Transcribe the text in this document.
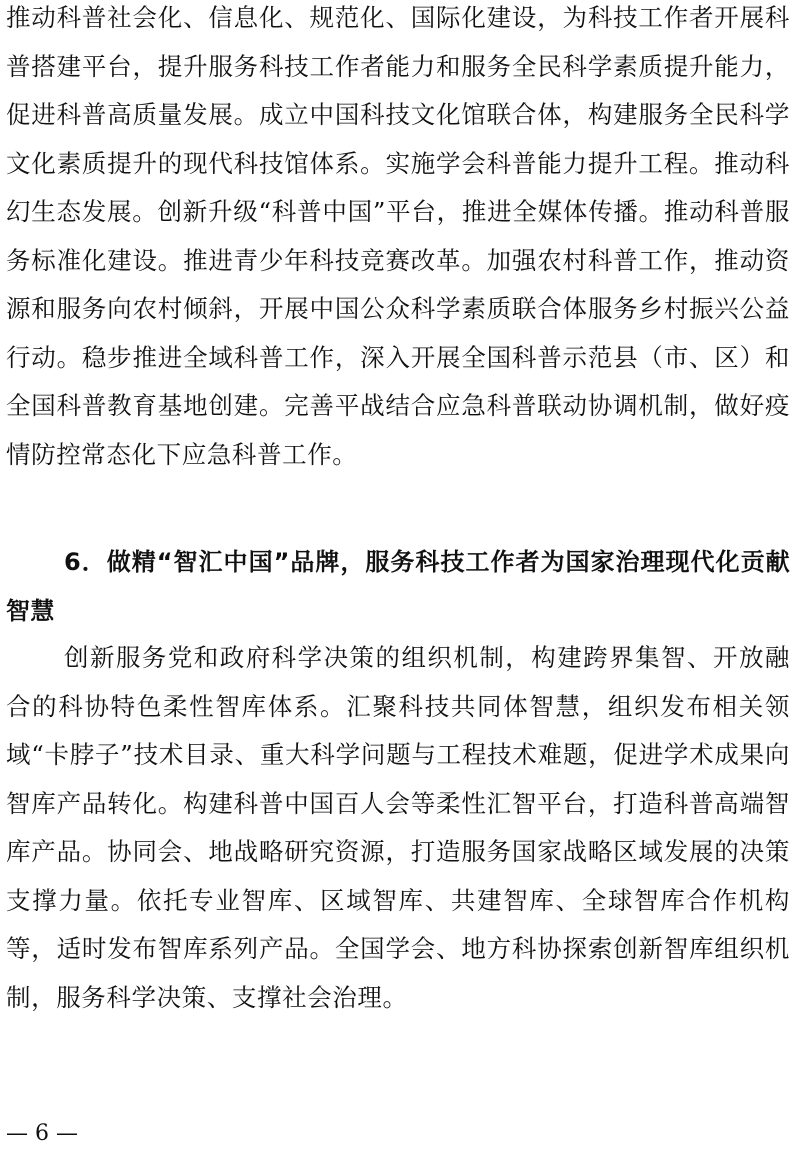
推动科普社会化、信息化、规范化、国际化建设，为科技工作者开展科普搭建平台，提升服务科技工作者能力和服务全民科学素质提升能力，促进科普高质量发展。成立中国科技文化馆联合体，构建服务全民科学文化素质提升的现代科技馆体系。实施学会科普能力提升工程。推动科幻生态发展。创新升级“科普中国”平台，推进全媒体传播。推动科普服务标准化建设。推进青少年科技竞赛改革。加强农村科普工作，推动资源和服务向农村倾斜，开展中国公众科学素质联合体服务乡村振兴公益行动。稳步推进全域科普工作，深入开展全国科普示范县（市、区）和全国科普教育基地创建。完善平战结合应急科普联动协调机制，做好疫情防控常态化下应急科普工作。

6．做精“智汇中国”品牌，服务科技工作者为国家治理现代化贡献智慧

创新服务党和政府科学决策的组织机制，构建跨界集智、开放融合的科协特色柔性智库体系。汇聚科技共同体智慧，组织发布相关领域“卡脖子”技术目录、重大科学问题与工程技术难题，促进学术成果向智库产品转化。构建科普中国百人会等柔性汇智平台，打造科普高端智库产品。协同会、地战略研究资源，打造服务国家战略区域发展的决策支撑力量。依托专业智库、区域智库、共建智库、全球智库合作机构等，适时发布智库系列产品。全国学会、地方科协探索创新智库组织机制，服务科学决策、支撑社会治理。

— 6 —
